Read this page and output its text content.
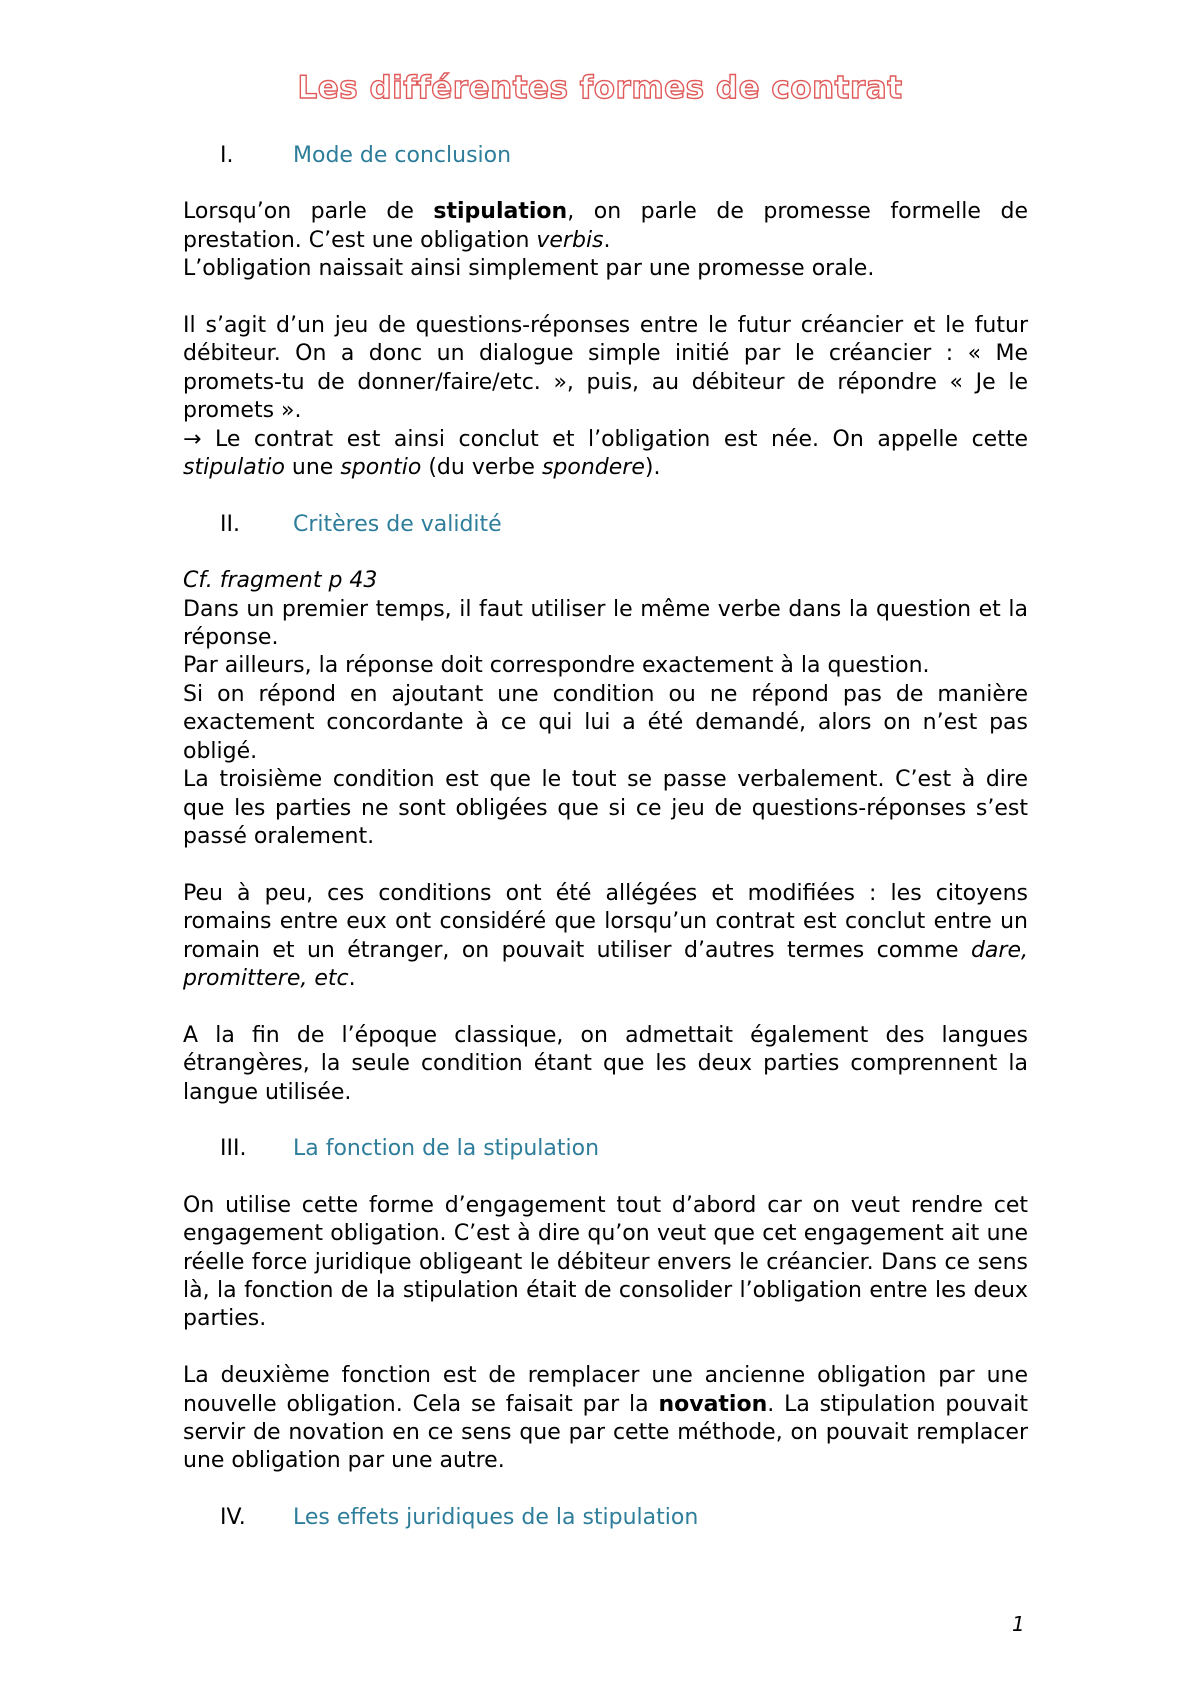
Les différentes formes de contrat
I.	Mode de conclusion

Lorsqu’on parle de stipulation, on parle de promesse formelle de prestation. C’est une obligation verbis.
L’obligation naissait ainsi simplement par une promesse orale.

Il s’agit d’un jeu de questions-réponses entre le futur créancier et le futur débiteur. On a donc un dialogue simple initié par le créancier : « Me promets-tu de donner/faire/etc. », puis, au débiteur de répondre « Je le promets ».
→ Le contrat est ainsi conclut et l’obligation est née. On appelle cette stipulatio une spontio (du verbe spondere).

II.	Critères de validité

Cf. fragment p 43
Dans un premier temps, il faut utiliser le même verbe dans la question et la réponse.
Par ailleurs, la réponse doit correspondre exactement à la question.
Si on répond en ajoutant une condition ou ne répond pas de manière exactement concordante à ce qui lui a été demandé, alors on n’est pas obligé.
La troisième condition est que le tout se passe verbalement. C’est à dire que les parties ne sont obligées que si ce jeu de questions-réponses s’est passé oralement.

Peu à peu, ces conditions ont été allégées et modifiées : les citoyens romains entre eux ont considéré que lorsqu’un contrat est conclut entre un romain et un étranger, on pouvait utiliser d’autres termes comme dare, promittere, etc.

A la fin de l’époque classique, on admettait également des langues étrangères, la seule condition étant que les deux parties comprennent la langue utilisée.

III.	La fonction de la stipulation

On utilise cette forme d’engagement tout d’abord car on veut rendre cet engagement obligation. C’est à dire qu’on veut que cet engagement ait une réelle force juridique obligeant le débiteur envers le créancier. Dans ce sens là, la fonction de la stipulation était de consolider l’obligation entre les deux parties.

La deuxième fonction est de remplacer une ancienne obligation par une nouvelle obligation. Cela se faisait par la novation. La stipulation pouvait servir de novation en ce sens que par cette méthode, on pouvait remplacer une obligation par une autre.

IV.	Les effets juridiques de la stipulation
1
